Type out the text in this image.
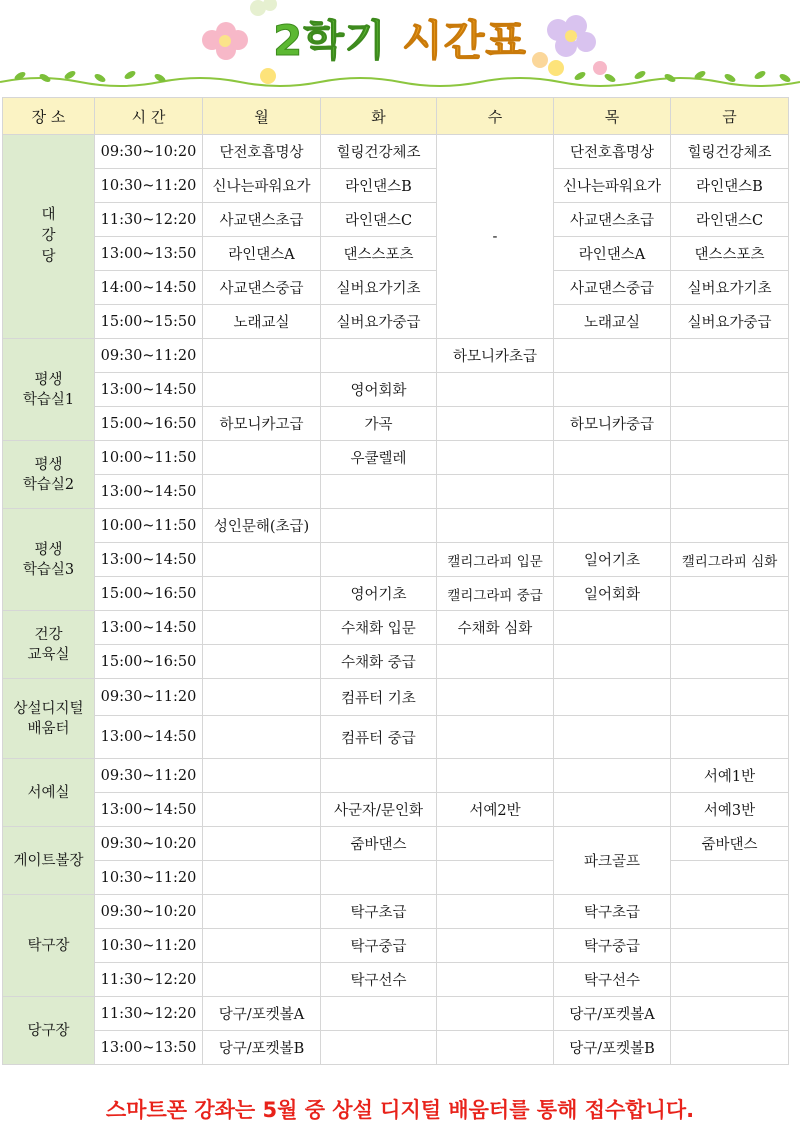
2학기 시간표
장 소	시 간	월	화	수	목	금
대
강
당	09:30~10:20	단전호흡명상	힐링건강체조	-	단전호흡명상	힐링건강체조
	10:30~11:20	신나는파워요가	라인댄스B		신나는파워요가	라인댄스B
	11:30~12:20	사교댄스초급	라인댄스C		사교댄스초급	라인댄스C
	13:00~13:50	라인댄스A	댄스스포츠		라인댄스A	댄스스포츠
	14:00~14:50	사교댄스중급	실버요가기초		사교댄스중급	실버요가기초
	15:00~15:50	노래교실	실버요가중급		노래교실	실버요가중급
평생
학습실1	09:30~11:20			하모니카초급		
	13:00~14:50		영어회화			
	15:00~16:50	하모니카고급	가곡		하모니카중급	
평생
학습실2	10:00~11:50		우쿨렐레			
	13:00~14:50					
평생
학습실3	10:00~11:50	성인문해(초급)				
	13:00~14:50			캘리그라피 입문	일어기초	캘리그라피 심화
	15:00~16:50		영어기초	캘리그라피 중급	일어회화	
건강
교육실	13:00~14:50		수채화 입문	수채화 심화		
	15:00~16:50		수채화 중급			
상설디지털
배움터	09:30~11:20		컴퓨터 기초			
	13:00~14:50		컴퓨터 중급			
서예실	09:30~11:20					서예1반
	13:00~14:50		사군자/문인화	서예2반		서예3반
게이트볼장	09:30~10:20		줌바댄스		파크골프	줌바댄스
	10:30~11:20					
탁구장	09:30~10:20		탁구초급		탁구초급	
	10:30~11:20		탁구중급		탁구중급	
	11:30~12:20		탁구선수		탁구선수	
당구장	11:30~12:20	당구/포켓볼A			당구/포켓볼A	
	13:00~13:50	당구/포켓볼B			당구/포켓볼B	
스마트폰 강좌는 5월 중 상설 디지털 배움터를 통해 접수합니다.
